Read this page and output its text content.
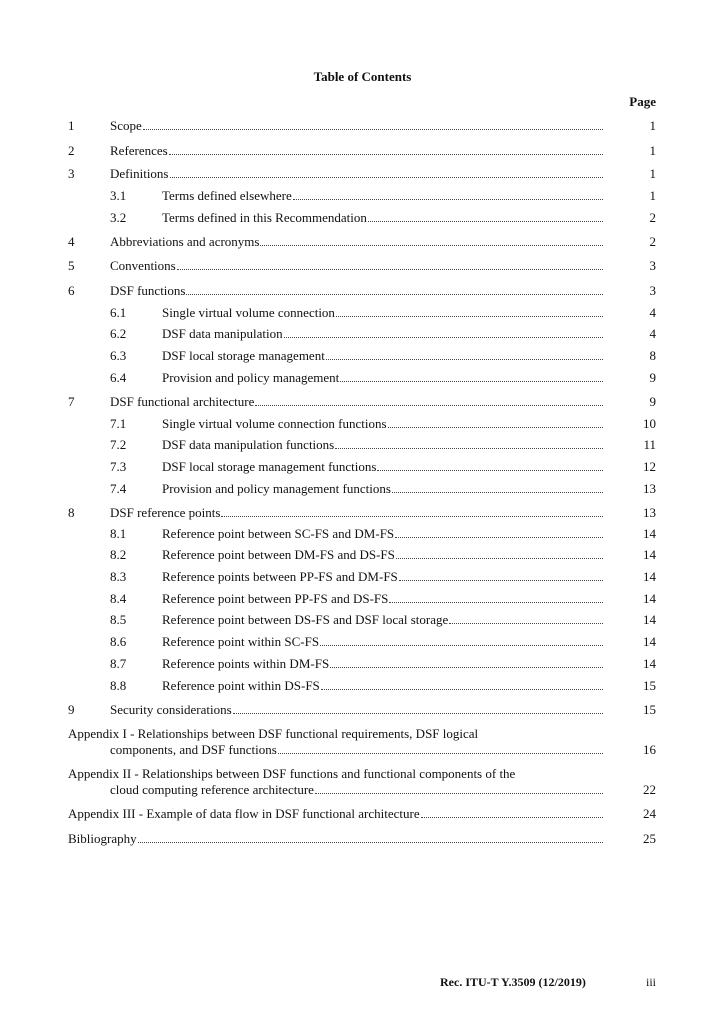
Table of Contents
Page
1	Scope	1
2	References	1
3	Definitions	1
3.1	Terms defined elsewhere	1
3.2	Terms defined in this Recommendation	2
4	Abbreviations and acronyms	2
5	Conventions	3
6	DSF functions	3
6.1	Single virtual volume connection	4
6.2	DSF data manipulation	4
6.3	DSF local storage management	8
6.4	Provision and policy management	9
7	DSF functional architecture	9
7.1	Single virtual volume connection functions	10
7.2	DSF data manipulation functions	11
7.3	DSF local storage management functions	12
7.4	Provision and policy management functions	13
8	DSF reference points	13
8.1	Reference point between SC-FS and DM-FS	14
8.2	Reference point between DM-FS and DS-FS	14
8.3	Reference points between PP-FS and DM-FS	14
8.4	Reference point between PP-FS and DS-FS	14
8.5	Reference point between DS-FS and DSF local storage	14
8.6	Reference point within SC-FS	14
8.7	Reference points within DM-FS	14
8.8	Reference point within DS-FS	15
9	Security considerations	15
Appendix I - Relationships between DSF functional requirements, DSF logical
components, and DSF functions	16
Appendix II - Relationships between DSF functions and functional components of the
cloud computing reference architecture	22
Appendix III - Example of data flow in DSF functional architecture	24
Bibliography	25
Rec. ITU-T Y.3509 (12/2019)	iii
